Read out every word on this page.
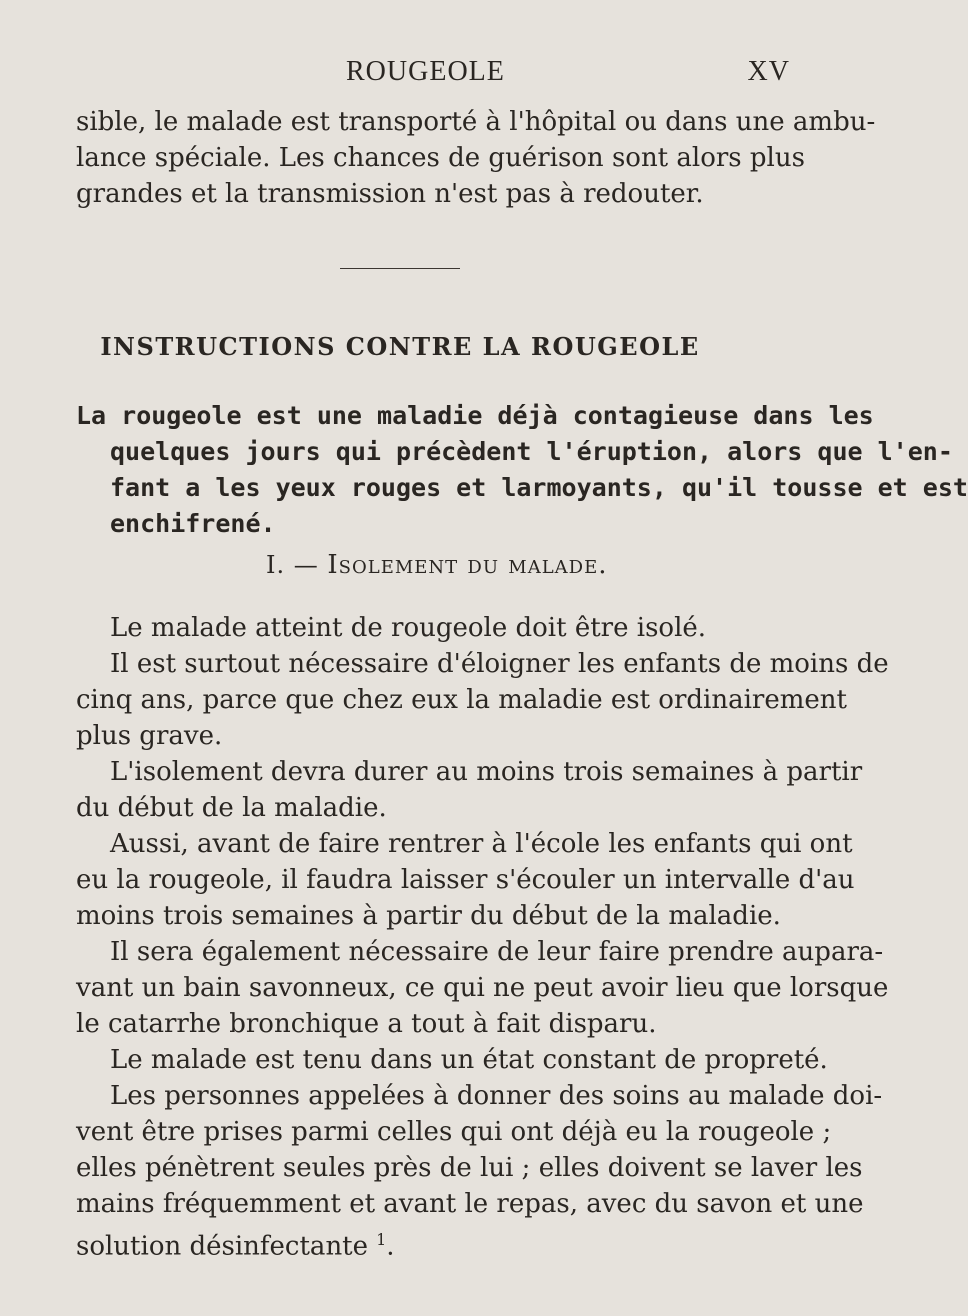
ROUGEOLE	XV
sible, le malade est transporté à l'hôpital ou dans une ambu-
lance spéciale. Les chances de guérison sont alors plus
grandes et la transmission n'est pas à redouter.
INSTRUCTIONS CONTRE LA ROUGEOLE
La rougeole est une maladie déjà contagieuse dans les
quelques jours qui précèdent l'éruption, alors que l'en-
fant a les yeux rouges et larmoyants, qu'il tousse et est
enchifrené.
I. — Isolement du malade.
Le malade atteint de rougeole doit être isolé.
Il est surtout nécessaire d'éloigner les enfants de moins de
cinq ans, parce que chez eux la maladie est ordinairement
plus grave.
L'isolement devra durer au moins trois semaines à partir
du début de la maladie.
Aussi, avant de faire rentrer à l'école les enfants qui ont
eu la rougeole, il faudra laisser s'écouler un intervalle d'au
moins trois semaines à partir du début de la maladie.
Il sera également nécessaire de leur faire prendre aupara-
vant un bain savonneux, ce qui ne peut avoir lieu que lorsque
le catarrhe bronchique a tout à fait disparu.
Le malade est tenu dans un état constant de propreté.
Les personnes appelées à donner des soins au malade doi-
vent être prises parmi celles qui ont déjà eu la rougeole ;
elles pénètrent seules près de lui ; elles doivent se laver les
mains fréquemment et avant le repas, avec du savon et une
solution désinfectante $^1$.
